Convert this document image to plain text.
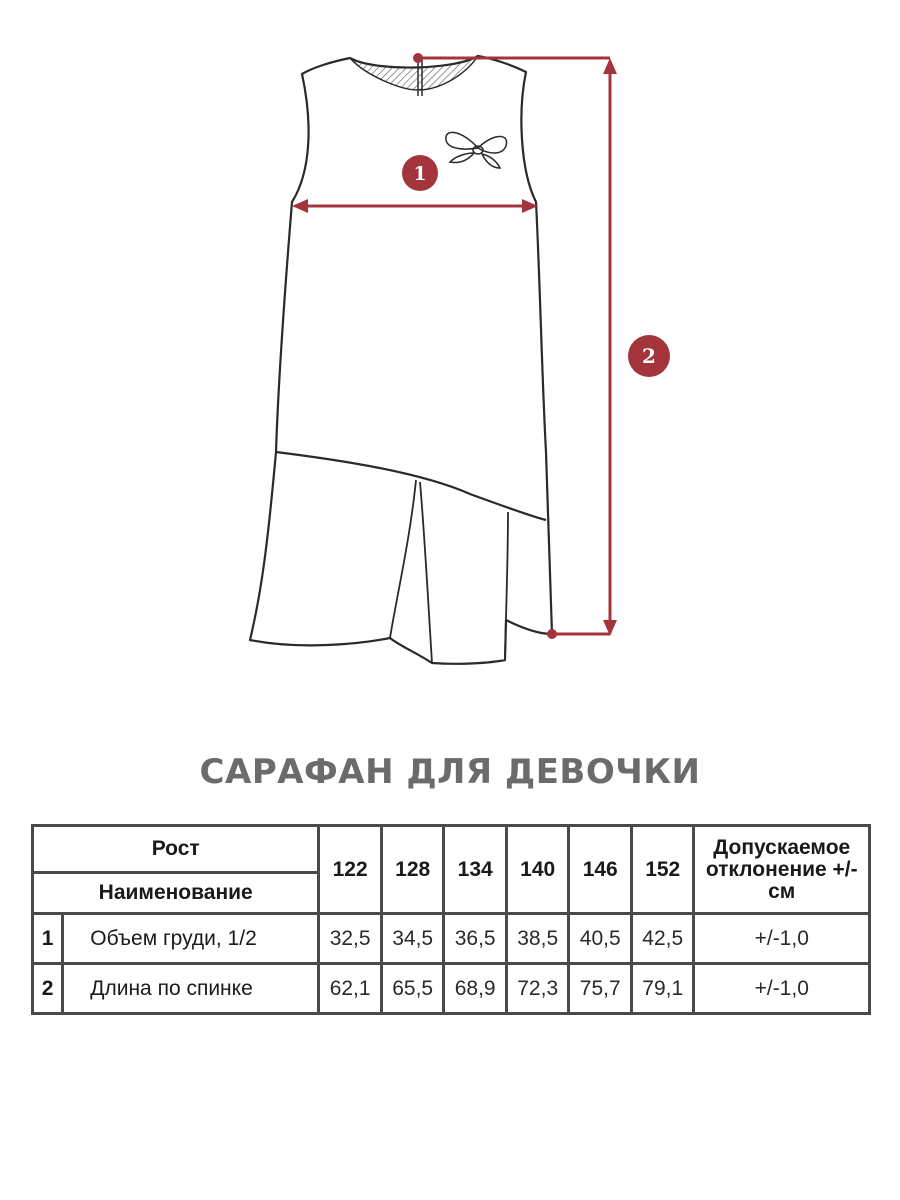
1
2
САРАФАН ДЛЯ ДЕВОЧКИ
Рост		122	128	134	140	146	152	Допускаемое
отклонение +/- см
Наименование								
1	Объем груди, 1/2	32,5	34,5	36,5	38,5	40,5	42,5	+/-1,0
2	Длина по спинке	62,1	65,5	68,9	72,3	75,7	79,1	+/-1,0
